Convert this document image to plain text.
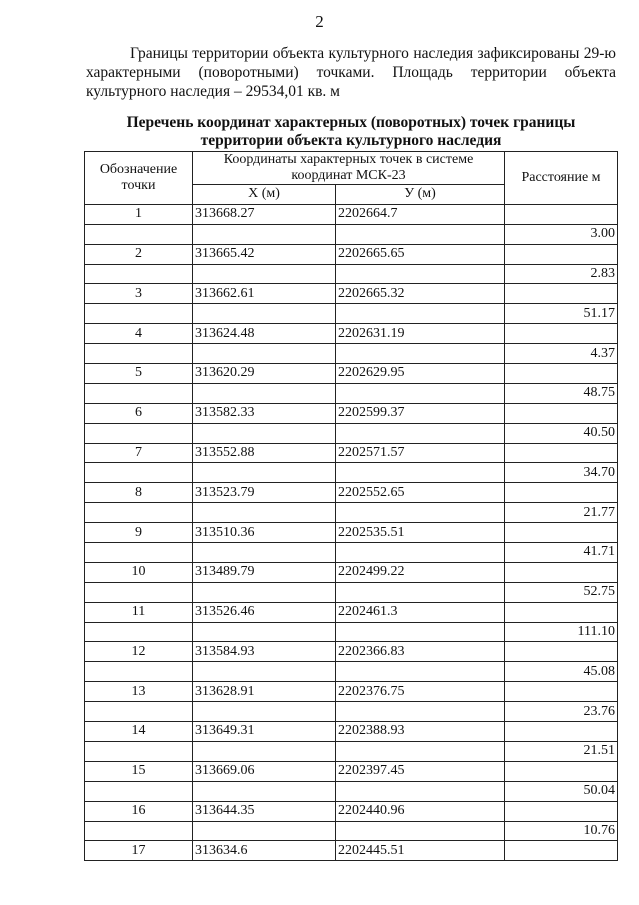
2

Границы территории объекта культурного наследия зафиксированы 29-ю характерными (поворотными) точками. Площадь территории объекта культурного наследия – 29534,01 кв. м

Перечень координат характерных (поворотных) точек границы
территории объекта культурного наследия
Обозначение точки	Координаты характерных точек в системе координат МСК-23		Расстояние м
	X (м)	У (м)	
1	313668.27	2202664.7	
			3.00
2	313665.42	2202665.65	
			2.83
3	313662.61	2202665.32	
			51.17
4	313624.48	2202631.19	
			4.37
5	313620.29	2202629.95	
			48.75
6	313582.33	2202599.37	
			40.50
7	313552.88	2202571.57	
			34.70
8	313523.79	2202552.65	
			21.77
9	313510.36	2202535.51	
			41.71
10	313489.79	2202499.22	
			52.75
11	313526.46	2202461.3	
			111.10
12	313584.93	2202366.83	
			45.08
13	313628.91	2202376.75	
			23.76
14	313649.31	2202388.93	
			21.51
15	313669.06	2202397.45	
			50.04
16	313644.35	2202440.96	
			10.76
17	313634.6	2202445.51	
